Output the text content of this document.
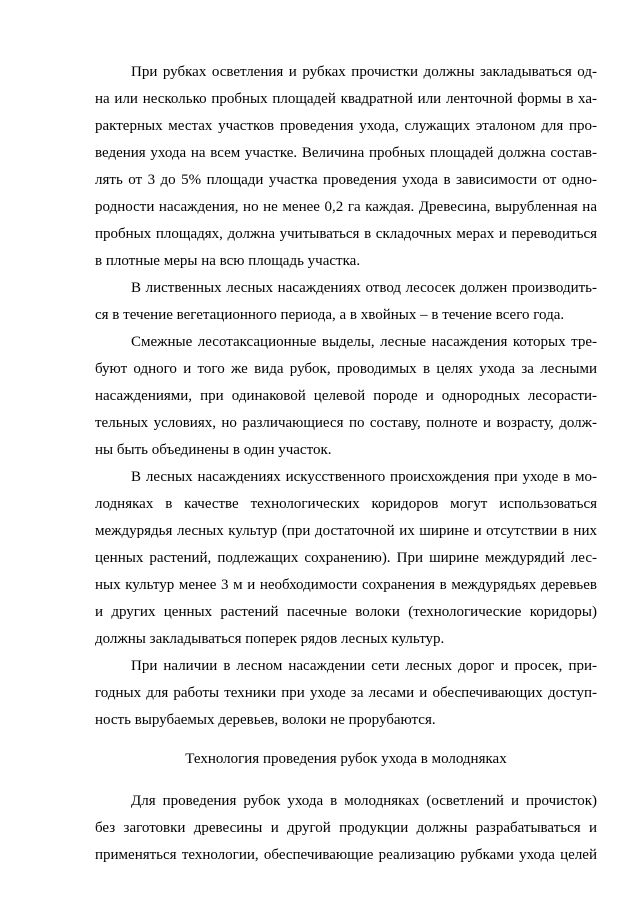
При рубках осветления и рубках прочистки должны закладываться од-
на или несколько пробных площадей квадратной или ленточной формы в ха-
рактерных местах участков проведения ухода, служащих эталоном для про-
ведения ухода на всем участке. Величина пробных площадей должна состав-
лять от 3 до 5% площади участка проведения ухода в зависимости от одно-
родности насаждения, но не менее 0,2 га каждая. Древесина, вырубленная на
пробных площадях, должна учитываться в складочных мерах и переводиться
в плотные меры на всю площадь участка.
В лиственных лесных насаждениях отвод лесосек должен производить-
ся в течение вегетационного периода, а в хвойных – в течение всего года.
Смежные лесотаксационные выделы, лесные насаждения которых тре-
буют одного и того же вида рубок, проводимых в целях ухода за лесными
насаждениями, при одинаковой целевой породе и однородных лесорасти-
тельных условиях, но различающиеся по составу, полноте и возрасту, долж-
ны быть объединены в один участок.
В лесных насаждениях искусственного происхождения при уходе в мо-
лодняках в качестве технологических коридоров могут использоваться
междурядья лесных культур (при достаточной их ширине и отсутствии в них
ценных растений, подлежащих сохранению). При ширине междурядий лес-
ных культур менее 3 м и необходимости сохранения в междурядьях деревьев
и других ценных растений пасечные волоки (технологические коридоры)
должны закладываться поперек рядов лесных культур.
При наличии в лесном насаждении сети лесных дорог и просек, при-
годных для работы техники при уходе за лесами и обеспечивающих доступ-
ность вырубаемых деревьев, волоки не прорубаются.
Технология проведения рубок ухода в молодняках
Для проведения рубок ухода в молодняках (осветлений и прочисток)
без заготовки древесины и другой продукции должны разрабатываться и
применяться технологии, обеспечивающие реализацию рубками ухода целей
